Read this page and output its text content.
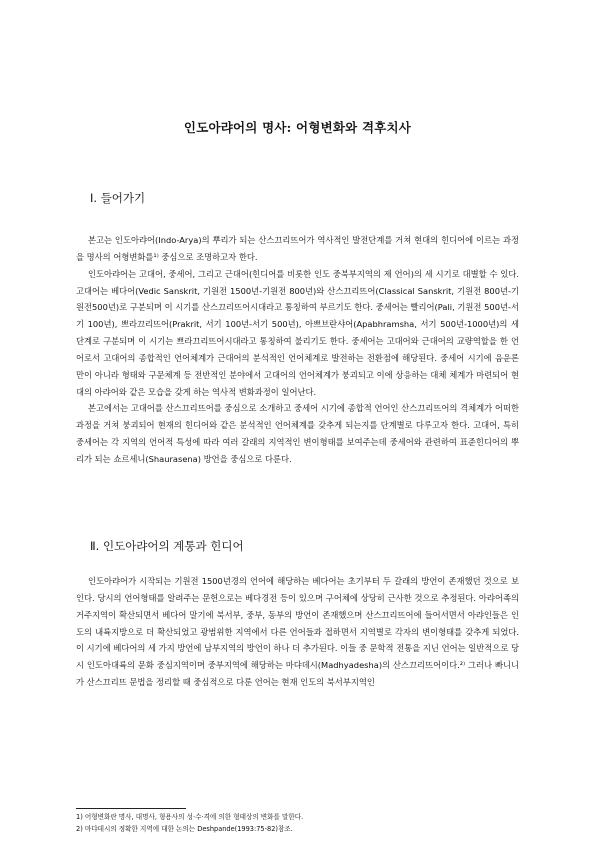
인도아랴어의 명사: 어형변화와 격후치사
Ⅰ. 들어가기

본고는 인도아랴어(Indo-Arya)의 뿌리가 되는 산스끄리뜨어가 역사적인 발전단계를 거쳐 현대의 힌디어에 이르는 과정을 명사의 어형변화를¹⁾ 중심으로 조명하고자 한다.

인도아랴어는 고대어, 중세어, 그리고 근대어(힌디어를 비롯한 인도 중북부지역의 제 언어)의 세 시기로 대별할 수 있다. 고대어는 베다어(Vedic Sanskrit, 기원전 1500년-기원전 800년)와 산스끄리뜨어(Classical Sanskrit, 기원전 800년-기원전500년)로 구분되며 이 시기를 산스끄리뜨어시대라고 통칭하여 부르기도 한다. 중세어는 빨리어(Pali, 기원전 500년-서기 100년), 쁘라끄리뜨어(Prakrit, 서기 100년-서기 500년), 아쁘브란샤어(Apabhramsha, 서기 500년-1000년)의 세 단계로 구분되며 이 시기는 쁘라끄리뜨어시대라고 통칭하여 불리기도 한다. 중세어는 고대어와 근대어의 교량역할을 한 언어로서 고대어의 종합적인 언어체계가 근대어의 분석적인 언어체계로 발전하는 전환점에 해당된다. 중세어 시기에 음운론만이 아니라 형태와 구문체계 등 전반적인 분야에서 고대어의 언어체계가 붕괴되고 이에 상응하는 대체 체계가 마련되어 현대의 아랴어와 같은 모습을 갖게 하는 역사적 변화과정이 일어난다.

본고에서는 고대어를 산스끄리뜨어를 중심으로 소개하고 중세어 시기에 종합적 언어인 산스끄리뜨어의 격체계가 어떠한 과정을 거쳐 붕괴되어 현재의 힌디어와 같은 분석적인 언어체계를 갖추게 되는지를 단계별로 다루고자 한다. 고대어, 특히 중세어는 각 지역의 언어적 특성에 따라 여러 갈래의 지역적인 변이형태를 보여주는데 중세어와 관련하여 표준힌디어의 뿌리가 되는 쇼르세니(Shaurasena) 방언을 중심으로 다룬다.

Ⅱ. 인도아랴어의 계통과 힌디어

인도아랴어가 시작되는 기원전 1500년경의 언어에 해당하는 베다어는 초기부터 두 갈래의 방언이 존재했던 것으로 보인다. 당시의 언어형태를 알려주는 문헌으로는 베다경전 등이 있으며 구어체에 상당히 근사한 것으로 추정된다. 아랴어족의 거주지역이 확산되면서 베다어 말기에 북서부, 중부, 동부의 방언이 존재했으며 산스끄리뜨어에 들어서면서 아랴인들은 인도의 내륙지방으로 더 확산되었고 광범위한 지역에서 다른 언어들과 접하면서 지역별로 각자의 변이형태를 갖추게 되었다. 이 시기에 베다어의 세 가지 방언에 남부지역의 방언이 하나 더 추가된다. 이들 중 문학적 전통을 지닌 언어는 일반적으로 당시 인도아대륙의 문화 중심지역이며 중부지역에 해당하는 마댜데시(Madhyadesha)의 산스끄리뜨어이다.²⁾ 그러나 빠니니가 산스끄리뜨 문법을 정리할 때 중심적으로 다룬 언어는 현재 인도의 북서부지역인

1) 어형변화란 명사, 대명사, 형용사의 성·수·격에 의한 형태상의 변화를 말한다.
2) 마댜데시의 정확한 지역에 대한 논의는 Deshpande(1993:75-82)참조.
